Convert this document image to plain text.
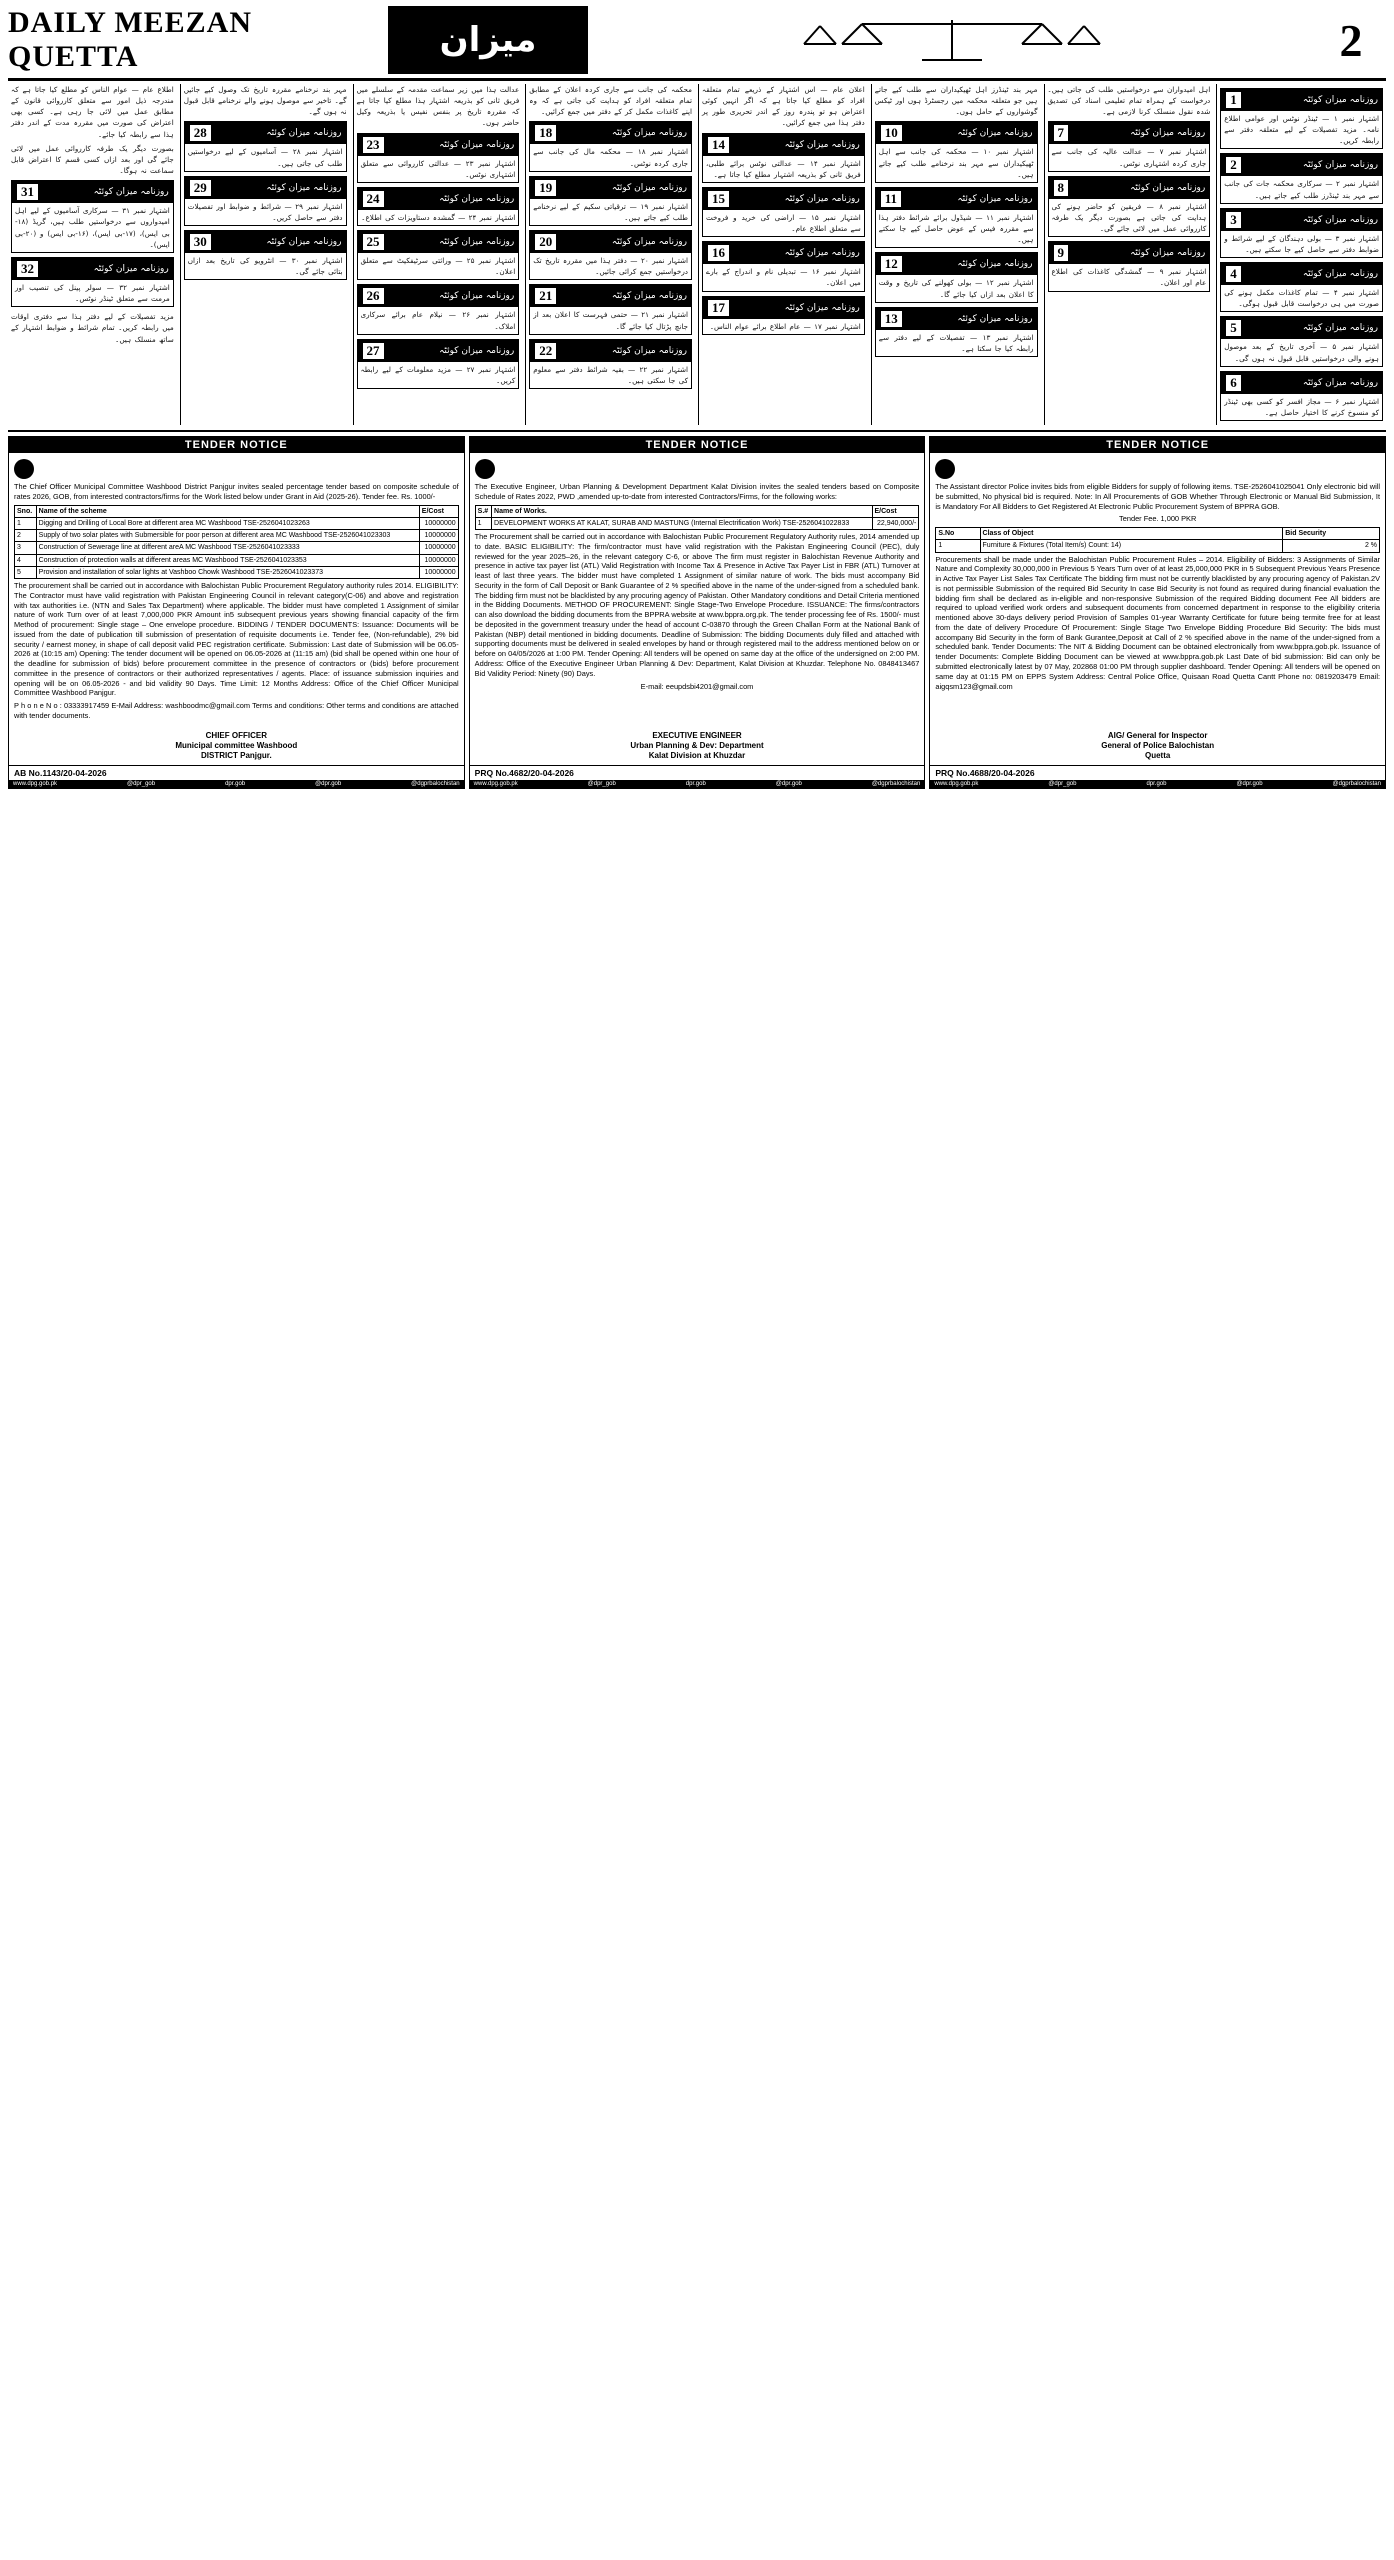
DAILY MEEZAN QUETTA	میزان	2

اطلاع عام — عوام الناس کو مطلع کیا جاتا ہے کہ مندرجہ ذیل امور سے متعلق کارروائی قانون کے مطابق عمل میں لائی جا رہی ہے۔ کسی بھی اعتراض کی صورت میں مقررہ مدت کے اندر دفتر ہذا سے رابطہ کیا جائے۔

بصورت دیگر یک طرفہ کارروائی عمل میں لائی جائے گی اور بعد ازاں کسی قسم کا اعتراض قابل سماعت نہ ہوگا۔

31	روزنامہ میزان کوئٹہ
اشتہار نمبر ۳۱ — سرکاری آسامیوں کے لیے اہل امیدواروں سے درخواستیں طلب ہیں، گریڈ (۱۸-بی ایس)، (۱۷-بی ایس)، (۱۶-بی ایس) و (۲۰-بی ایس)۔
32	روزنامہ میزان کوئٹہ
اشتہار نمبر ۳۲ — سولر پینل کی تنصیب اور مرمت سے متعلق ٹینڈر نوٹس۔

مزید تفصیلات کے لیے دفتر ہذا سے دفتری اوقات میں رابطہ کریں۔ تمام شرائط و ضوابط اشتہار کے ساتھ منسلک ہیں۔

مہر بند نرخنامے مقررہ تاریخ تک وصول کیے جائیں گے۔ تاخیر سے موصول ہونے والے نرخنامے قابل قبول نہ ہوں گے۔

28	روزنامہ میزان کوئٹہ
اشتہار نمبر ۲۸ — آسامیوں کے لیے درخواستیں طلب کی جاتی ہیں۔
29	روزنامہ میزان کوئٹہ
اشتہار نمبر ۲۹ — شرائط و ضوابط اور تفصیلات دفتر سے حاصل کریں۔
30	روزنامہ میزان کوئٹہ
اشتہار نمبر ۳۰ — انٹرویو کی تاریخ بعد ازاں بتائی جائے گی۔

عدالت ہذا میں زیر سماعت مقدمہ کے سلسلے میں فریق ثانی کو بذریعہ اشتہار ہذا مطلع کیا جاتا ہے کہ مقررہ تاریخ پر بنفس نفیس یا بذریعہ وکیل حاضر ہوں۔

23	روزنامہ میزان کوئٹہ
اشتہار نمبر ۲۳ — عدالتی کارروائی سے متعلق اشتہاری نوٹس۔
24	روزنامہ میزان کوئٹہ
اشتہار نمبر ۲۴ — گمشدہ دستاویزات کی اطلاع۔
25	روزنامہ میزان کوئٹہ
اشتہار نمبر ۲۵ — وراثتی سرٹیفکیٹ سے متعلق اعلان۔
26	روزنامہ میزان کوئٹہ
اشتہار نمبر ۲۶ — نیلام عام برائے سرکاری املاک۔
27	روزنامہ میزان کوئٹہ
اشتہار نمبر ۲۷ — مزید معلومات کے لیے رابطہ کریں۔

محکمہ کی جانب سے جاری کردہ اعلان کے مطابق تمام متعلقہ افراد کو ہدایت کی جاتی ہے کہ وہ اپنے کاغذات مکمل کر کے دفتر میں جمع کرائیں۔

18	روزنامہ میزان کوئٹہ
اشتہار نمبر ۱۸ — محکمہ مال کی جانب سے جاری کردہ نوٹس۔
19	روزنامہ میزان کوئٹہ
اشتہار نمبر ۱۹ — ترقیاتی سکیم کے لیے نرخنامے طلب کیے جاتے ہیں۔
20	روزنامہ میزان کوئٹہ
اشتہار نمبر ۲۰ — دفتر ہذا میں مقررہ تاریخ تک درخواستیں جمع کرائی جائیں۔
21	روزنامہ میزان کوئٹہ
اشتہار نمبر ۲۱ — حتمی فہرست کا اعلان بعد از جانچ پڑتال کیا جائے گا۔
22	روزنامہ میزان کوئٹہ
اشتہار نمبر ۲۲ — بقیہ شرائط دفتر سے معلوم کی جا سکتی ہیں۔

اعلان عام — اس اشتہار کے ذریعے تمام متعلقہ افراد کو مطلع کیا جاتا ہے کہ اگر انہیں کوئی اعتراض ہو تو پندرہ روز کے اندر تحریری طور پر دفتر ہذا میں جمع کرائیں۔

14	روزنامہ میزان کوئٹہ
اشتہار نمبر ۱۴ — عدالتی نوٹس برائے طلبی، فریق ثانی کو بذریعہ اشتہار مطلع کیا جاتا ہے۔
15	روزنامہ میزان کوئٹہ
اشتہار نمبر ۱۵ — اراضی کی خرید و فروخت سے متعلق اطلاع عام۔
16	روزنامہ میزان کوئٹہ
اشتہار نمبر ۱۶ — تبدیلی نام و اندراج کے بارے میں اعلان۔
17	روزنامہ میزان کوئٹہ
اشتہار نمبر ۱۷ — عام اطلاع برائے عوام الناس۔

مہر بند ٹینڈرز اہل ٹھیکیداران سے طلب کیے جاتے ہیں جو متعلقہ محکمہ میں رجسٹرڈ ہوں اور ٹیکس گوشواروں کے حامل ہوں۔

10	روزنامہ میزان کوئٹہ
اشتہار نمبر ۱۰ — محکمہ کی جانب سے اہل ٹھیکیداران سے مہر بند نرخنامے طلب کیے جاتے ہیں۔
11	روزنامہ میزان کوئٹہ
اشتہار نمبر ۱۱ — شیڈول برائے شرائط دفتر ہذا سے مقررہ فیس کے عوض حاصل کیے جا سکتے ہیں۔
12	روزنامہ میزان کوئٹہ
اشتہار نمبر ۱۲ — بولی کھولنے کی تاریخ و وقت کا اعلان بعد ازاں کیا جائے گا۔
13	روزنامہ میزان کوئٹہ
اشتہار نمبر ۱۳ — تفصیلات کے لیے دفتر سے رابطہ کیا جا سکتا ہے۔

اہل امیدواران سے درخواستیں طلب کی جاتی ہیں۔ درخواست کے ہمراہ تمام تعلیمی اسناد کی تصدیق شدہ نقول منسلک کرنا لازمی ہے۔

7	روزنامہ میزان کوئٹہ
اشتہار نمبر ۷ — عدالت عالیہ کی جانب سے جاری کردہ اشتہاری نوٹس۔
8	روزنامہ میزان کوئٹہ
اشتہار نمبر ۸ — فریقین کو حاضر ہونے کی ہدایت کی جاتی ہے بصورت دیگر یک طرفہ کارروائی عمل میں لائی جائے گی۔
9	روزنامہ میزان کوئٹہ
اشتہار نمبر ۹ — گمشدگی کاغذات کی اطلاع عام اور اعلان۔
1	روزنامہ میزان کوئٹہ
اشتہار نمبر ۱ — ٹینڈر نوٹس اور عوامی اطلاع نامہ۔ مزید تفصیلات کے لیے متعلقہ دفتر سے رابطہ کریں۔
2	روزنامہ میزان کوئٹہ
اشتہار نمبر ۲ — سرکاری محکمہ جات کی جانب سے مہر بند ٹینڈرز طلب کیے جاتے ہیں۔
3	روزنامہ میزان کوئٹہ
اشتہار نمبر ۳ — بولی دہندگان کے لیے شرائط و ضوابط دفتر سے حاصل کیے جا سکتے ہیں۔
4	روزنامہ میزان کوئٹہ
اشتہار نمبر ۴ — تمام کاغذات مکمل ہونے کی صورت میں ہی درخواست قابل قبول ہوگی۔
5	روزنامہ میزان کوئٹہ
اشتہار نمبر ۵ — آخری تاریخ کے بعد موصول ہونے والی درخواستیں قابل قبول نہ ہوں گی۔
6	روزنامہ میزان کوئٹہ
اشتہار نمبر ۶ — مجاز افسر کو کسی بھی ٹینڈر کو منسوخ کرنے کا اختیار حاصل ہے۔
TENDER NOTICE

The Chief Officer Municipal Committee Washbood District Panjgur invites sealed percentage tender based on composite schedule of rates 2026, GOB, from interested contractors/firms for the Work listed below under Grant in Aid (2025-26). Tender fee. Rs. 1000/-

Sno.	Name of the scheme	E/Cost
1	Digging and Drilling of Local Bore at different area MC Washbood TSE-2526041023263	10000000
2	Supply of two solar plates with Submersible for poor person at different area MC Washbood TSE-2526041023303	10000000
3	Construction of Sewerage line at different areA MC Washbood TSE-2526041023333	10000000
4	Construction of protection walls at different areas MC Washbood TSE-2526041023353	10000000
5	Provision and installation of solar lights at Vashboo Chowk Washbood TSE-2526041023373	10000000

The procurement shall be carried out in accordance with Balochistan Public Procurement Regulatory authority rules 2014. ELIGIBILITY: The Contractor must have valid registration with Pakistan Engineering Council in relevant category(C-06) and above and registration with tax authorities i.e. (NTN and Sales Tax Department) where applicable. The bidder must have completed 1 Assignment of similar nature of work Turn over of at least 7,000,000 PKR Amount in5 subsequent previous years showing financial capacity of the firm Method of procurement: Single stage – One envelope procedure. BIDDING / TENDER DOCUMENTS: Issuance: Documents will be issued from the date of publication till submission of presentation of requisite documents i.e. Tender fee, (Non-refundable), 2% bid security / earnest money, in shape of call deposit valid PEC registration certificate. Submission: Last date of Submission will be 06.05-2026 at (10:15 am) Opening: The tender document will be opened on 06.05-2026 at (11:15 am) (bid shall be opened within one hour of the deadline for submission of bids) before procurement committee in the presence of contractors or (bids) before procurement committee in the presence of contractors or their authorized representatives / agents. Place: of issuance submission inquiries and opening will be on 06.05-2026 - and bid validity 90 Days. Time Limit: 12 Months Address: Office of the Chief Officer Municipal Committee Washbood Panjgur.

P h o n e N o : 03333917459 E-Mail Address: washboodmc@gmail.com Terms and conditions: Other terms and conditions are attached with tender documents.

CHIEF OFFICER
Municipal committee Washbood
DISTRICT Panjgur.
AB No.1143/20-04-2026
www.dpg.gob.pk	@dpr_gob	dpr.gob	@dpr.gob	@dgprbalochistan
TENDER NOTICE

The Executive Engineer, Urban Planning & Development Department Kalat Division invites the sealed tenders based on Composite Schedule of Rates 2022, PWD ,amended up-to-date from interested Contractors/Firms, for the following works:

S.#	Name of Works.	E/Cost
1	DEVELOPMENT WORKS AT KALAT, SURAB AND MASTUNG (Internal Electrification Work) TSE-2526041022833	22,940,000/-

The Procurement shall be carried out in accordance with Balochistan Public Procurement Regulatory Authority rules, 2014 amended up to date. BASIC ELIGIBILITY: The firm/contractor must have valid registration with the Pakistan Engineering Council (PEC), duly reviewed for the year 2025–26, in the relevant category C-6, or above The firm must register in Balochistan Revenue Authority and presence in active tax payer list (ATL) Valid Registration with Income Tax & Presence in Active Tax Payer List in FBR (ATL) Turnover at least of last three years. The bidder must have completed 1 Assignment of similar nature of work. The bids must accompany Bid Security in the form of Call Deposit or Bank Guarantee of 2 % specified above in the name of the under-signed from a scheduled bank. The bidding firm must not be blacklisted by any procuring agency of Pakistan. Other Mandatory conditions and Detail Criteria mentioned in the Bidding Documents. METHOD OF PROCUREMENT: Single Stage-Two Envelope Procedure. ISSUANCE: The firms/contractors can also download the bidding documents from the BPPRA website at www.bppra.org.pk. The tender processing fee of Rs. 1500/- must be deposited in the government treasury under the head of account C-03870 through the Green Challan Form at the National Bank of Pakistan (NBP) detail mentioned in bidding documents. Deadline of Submission: The bidding Documents duly filled and attached with supporting documents must be delivered in sealed envelopes by hand or through registered mail to the address mentioned below on or before on 04/05/2026 at 1:00 PM. Tender Opening: All tenders will be opened on same day at the office of the undersigned on 2:00 PM. Address: Office of the Executive Engineer Urban Planning & Dev: Department, Kalat Division at Khuzdar. Telephone No. 0848413467 Bid Validity Period: Ninety (90) Days.

E-mail: eeupdsbi4201@gmail.com

EXECUTIVE ENGINEER
Urban Planning & Dev: Department
Kalat Division at Khuzdar
PRQ No.4682/20-04-2026
www.dpg.gob.pk	@dpr_gob	dpr.gob	@dpr.gob	@dgprbalochistan
TENDER NOTICE

The Assistant director Police invites bids from eligible Bidders for supply of following items. TSE-2526041025041 Only electronic bid will be submitted, No physical bid is required. Note: In All Procurements of GOB Whether Through Electronic or Manual Bid Submission, It is Mandatory For All Bidders to Get Registered At Electronic Public Procurement System of BPPRA GOB.

Tender Fee. 1,000 PKR

S.No	Class of Object	Bid Security
1	Furniture & Fixtures (Total Item/s) Count: 14)	2 %

Procurements shall be made under the Balochistan Public Procurement Rules – 2014. Eligibility of Bidders: 3 Assignments of Similar Nature and Complexity 30,000,000 in Previous 5 Years Turn over of at least 25,000,000 PKR in 5 Subsequent Previous Years Presence in Active Tax Payer List Sales Tax Certificate The bidding firm must not be currently blacklisted by any procuring agency of Pakistan.2V is not permissible Submission of the required Bid Security In case Bid Security is not found as required during financial evaluation the bidding firm shall be declared as in-eligible and non-responsive Submission of the required Bidding document Fee All bidders are required to upload verified work orders and subsequent documents from concerned department in response to the eligibility criteria mentioned above 30-days delivery period Provision of Samples 01-year Warranty Certificate for future being termite free for at least from the date of delivery Procedure Of Procurement: Single Stage Two Envelope Bidding Procedure Bid Security: The bids must accompany Bid Security in the form of Bank Gurantee,Deposit at Call of 2 % specified above in the name of the under-signed from a scheduled bank. Tender Documents: The NIT & Bidding Document can be obtained electronically from www.bppra.gob.pk. Issuance of tender Documents: Complete Bidding Document can be viewed at www.bppra.gob.pk Last Date of bid submission: Bid can only be submitted electronically latest by 07 May, 202868 01:00 PM through supplier dashboard. Tender Opening: All tenders will be opened on same day at 01:15 PM on EPPS System Address: Central Police Office, Quisaan Road Quetta Cantt Phone no: 0819203479 Email: aigqsm123@gmail.com

AIG/ General for Inspector
General of Police Balochistan
Quetta
PRQ No.4688/20-04-2026
www.dpg.gob.pk	@dpr_gob	dpr.gob	@dpr.gob	@dgprbalochistan
